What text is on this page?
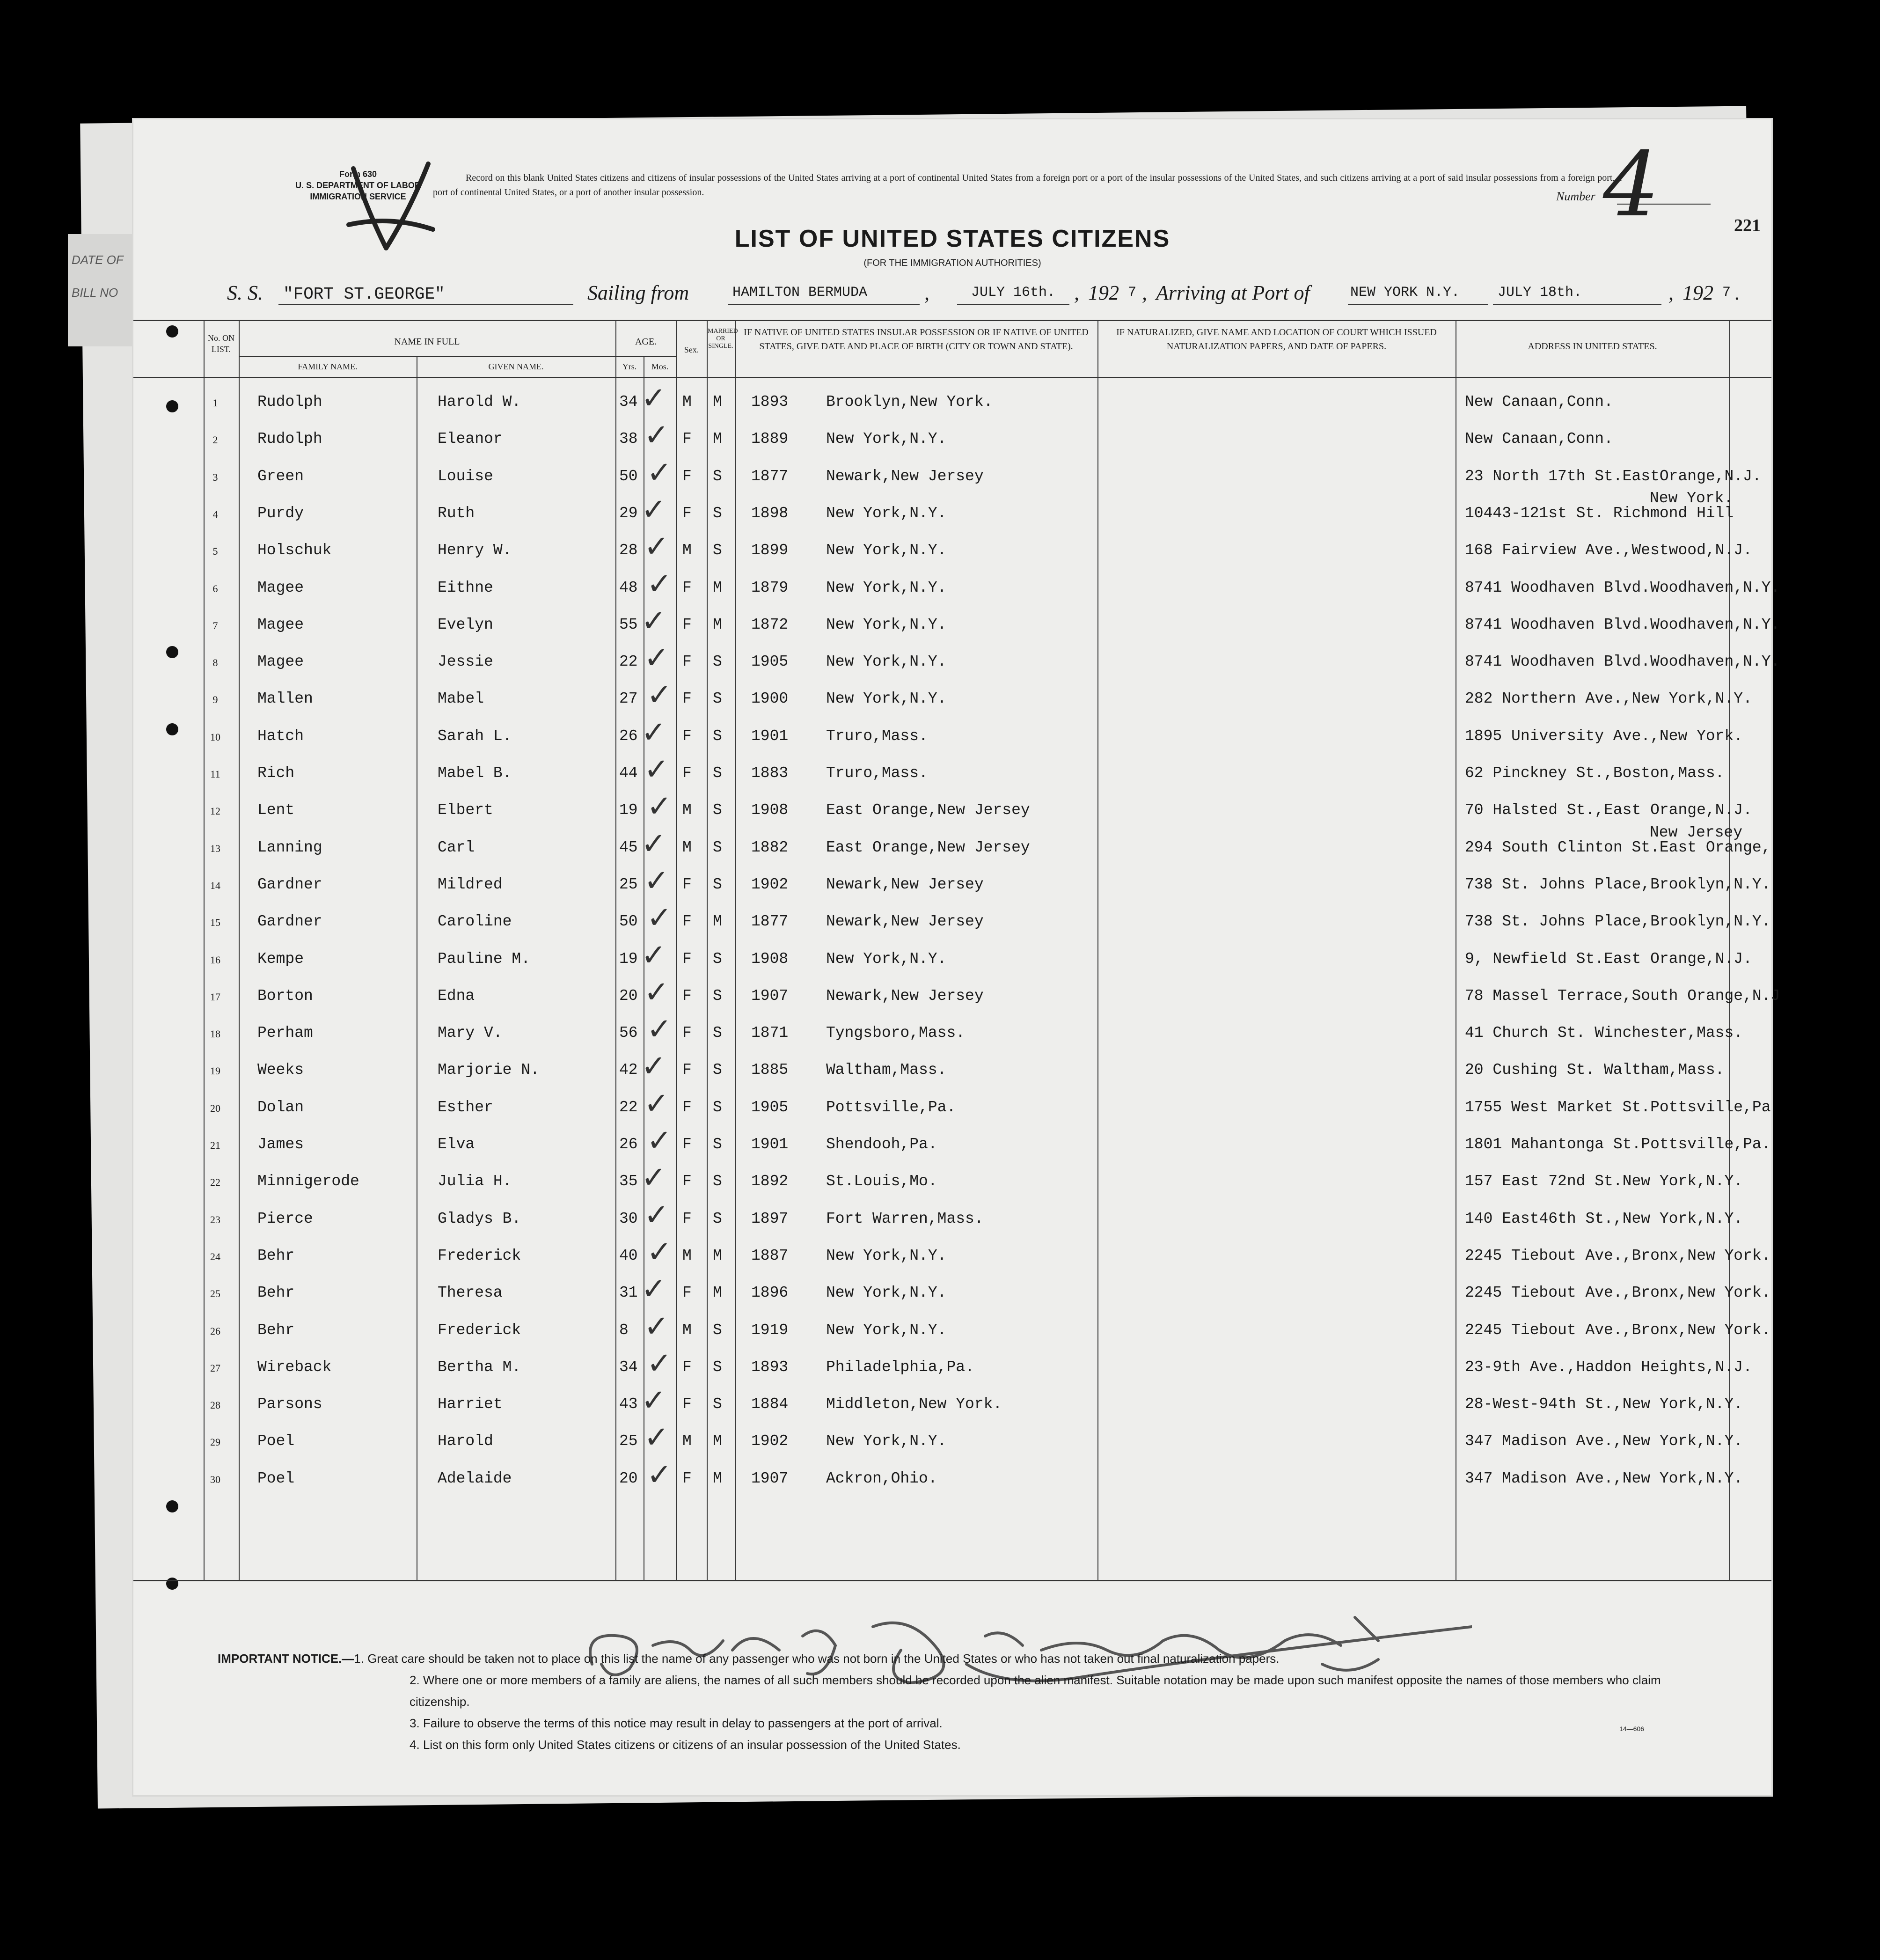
DATE OF
BILL NO
Form 630
U. S. DEPARTMENT OF LABOR
IMMIGRATION SERVICE
Record on this blank United States citizens and citizens of insular possessions of the United States arriving at a port of continental United States from a foreign port or a port of the insular possessions of the United States, and such citizens arriving at a port of said insular possessions from a foreign port, a port of continental United States, or a port of another insular possession.	Number 4	221
LIST OF UNITED STATES CITIZENS
(FOR THE IMMIGRATION AUTHORITIES)
S. S. "FORT ST.GEORGE"	Sailing from	HAMILTON BERMUDA	,	JULY 16th. , 192 7 , Arriving at Port of	NEW YORK N.Y.	JULY 18th.	, 192 7 .
No. ON LIST.
NAME IN FULL
FAMILY NAME.	GIVEN NAME.
AGE.
Yrs.	Mos.
Sex.
MARRIED OR SINGLE.
IF NATIVE OF UNITED STATES INSULAR POSSESSION OR IF NATIVE OF UNITED STATES, GIVE DATE AND PLACE OF BIRTH (CITY OR TOWN AND STATE).
IF NATURALIZED, GIVE NAME AND LOCATION OF COURT WHICH ISSUED NATURALIZATION PAPERS, AND DATE OF PAPERS.	ADDRESS IN UNITED STATES.
1	Rudolph	Harold W.	34	M M 1893 Brooklyn,New York.	New Canaan,Conn.
✓
2	Rudolph	Eleanor	38	F M 1889 New York,N.Y.	New Canaan,Conn.
✓
3	Green	Louise	50	F S 1877 Newark,New Jersey	23 North 17th St.EastOrange,N.J.
✓
4	Purdy	Ruth	29	F S 1898 New York,N.Y.	10443-121st St. Richmond Hill
New York.
✓
5	Holschuk	Henry W.	28	M S 1899 New York,N.Y.	168 Fairview Ave.,Westwood,N.J.
✓
6	Magee	Eithne	48	F M 1879 New York,N.Y.	8741 Woodhaven Blvd.Woodhaven,N.Y.
✓
7	Magee	Evelyn	55	F M 1872 New York,N.Y.	8741 Woodhaven Blvd.Woodhaven,N.Y.
✓
8	Magee	Jessie	22	F S 1905 New York,N.Y.	8741 Woodhaven Blvd.Woodhaven,N.Y.
✓
9	Mallen	Mabel	27	F S 1900 New York,N.Y.	282 Northern Ave.,New York,N.Y.
✓
10	Hatch	Sarah L.	26	F S 1901 Truro,Mass.	1895 University Ave.,New York.
✓
11	Rich	Mabel B.	44	F S 1883 Truro,Mass.	62 Pinckney St.,Boston,Mass.
✓
12	Lent	Elbert	19	M S 1908 East Orange,New Jersey	70 Halsted St.,East Orange,N.J.
✓
13	Lanning	Carl	45	M S 1882 East Orange,New Jersey	294 South Clinton St.East Orange,
New Jersey
✓
14	Gardner	Mildred	25	F S 1902 Newark,New Jersey	738 St. Johns Place,Brooklyn,N.Y.
✓
15	Gardner	Caroline	50	F M 1877 Newark,New Jersey	738 St. Johns Place,Brooklyn,N.Y.
✓
16	Kempe	Pauline M.	19	F S 1908 New York,N.Y.	9, Newfield St.East Orange,N.J.
✓
17	Borton	Edna	20	F S 1907 Newark,New Jersey	78 Massel Terrace,South Orange,N.J
✓
18	Perham	Mary V.	56	F S 1871 Tyngsboro,Mass.	41 Church St. Winchester,Mass.
✓
19	Weeks	Marjorie N.	42	F S 1885 Waltham,Mass.	20 Cushing St. Waltham,Mass.
✓
20	Dolan	Esther	22	F S 1905 Pottsville,Pa.	1755 West Market St.Pottsville,Pa
✓
21	James	Elva	26	F S 1901 Shendooh,Pa.	1801 Mahantonga St.Pottsville,Pa.
✓
22	Minnigerode	Julia H.	35	F S 1892 St.Louis,Mo.	157 East 72nd St.New York,N.Y.
✓
23	Pierce	Gladys B.	30	F S 1897 Fort Warren,Mass.	140 East46th St.,New York,N.Y.
✓
24	Behr	Frederick	40	M M 1887 New York,N.Y.	2245 Tiebout Ave.,Bronx,New York.
✓
25	Behr	Theresa	31	F M 1896 New York,N.Y.	2245 Tiebout Ave.,Bronx,New York.
✓
26	Behr	Frederick	8	M S 1919 New York,N.Y.	2245 Tiebout Ave.,Bronx,New York.
✓
27	Wireback	Bertha M.	34	F S 1893 Philadelphia,Pa.	23-9th Ave.,Haddon Heights,N.J.
✓
28	Parsons	Harriet	43	F S 1884 Middleton,New York.	28-West-94th St.,New York,N.Y.
✓
29	Poel	Harold	25	M M 1902 New York,N.Y.	347 Madison Ave.,New York,N.Y.
✓
30	Poel	Adelaide	20	F M 1907 Ackron,Ohio.	347 Madison Ave.,New York,N.Y.
✓

IMPORTANT NOTICE.—1. Great care should be taken not to place on this list the name of any passenger who was not born in the United States or who has not taken out final naturalization papers.

2. Where one or more members of a family are aliens, the names of all such members should be recorded upon the alien manifest. Suitable notation may be made upon such manifest opposite the names of those members who claim citizenship.

3. Failure to observe the terms of this notice may result in delay to passengers at the port of arrival.

4. List on this form only United States citizens or citizens of an insular possession of the United States.

14—606
